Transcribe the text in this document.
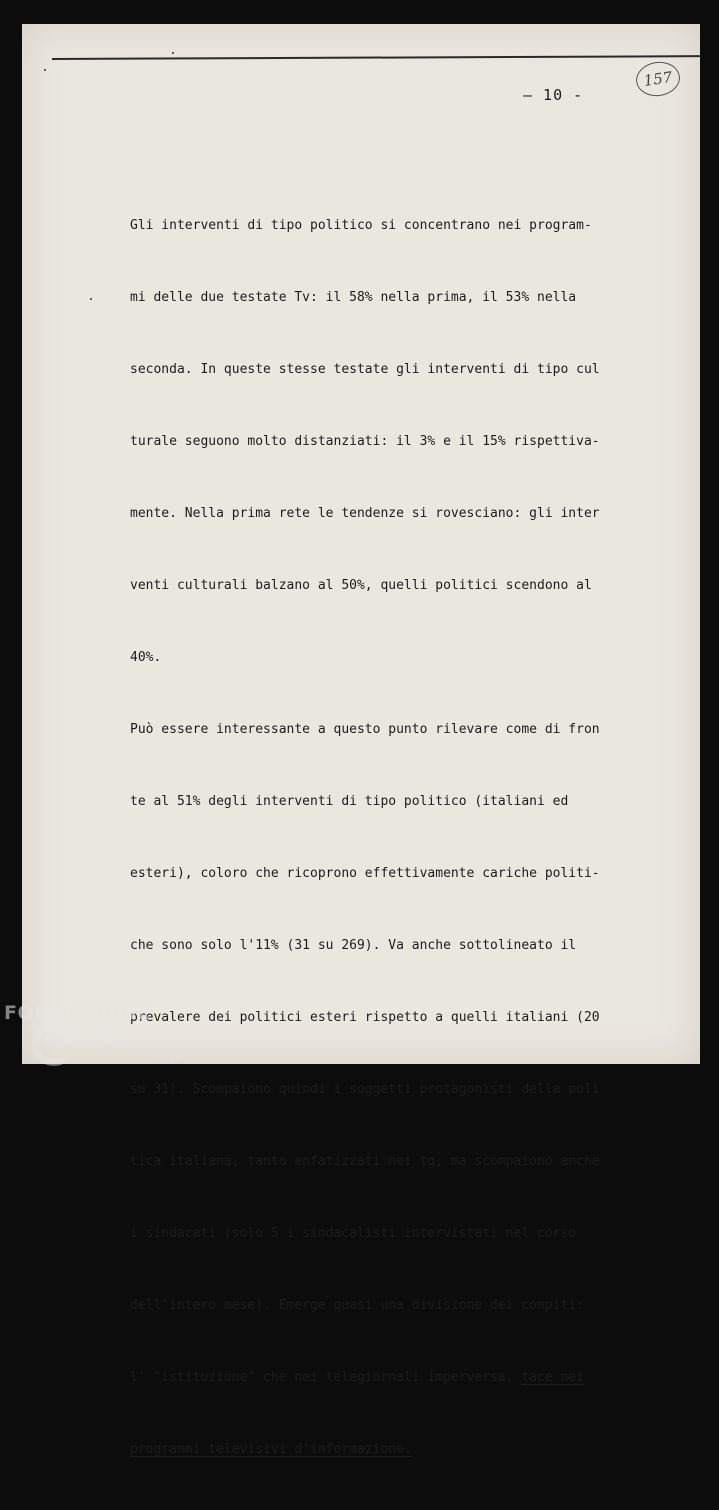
— 10 -
157

Gli interventi di tipo politico si concentrano nei program-

mi delle due testate Tv: il 58% nella prima, il 53% nella

seconda. In queste stesse testate gli interventi di tipo cul

turale seguono molto distanziati: il 3% e il 15% rispettiva-

mente. Nella prima rete le tendenze si rovesciano: gli inter

venti culturali balzano al 50%, quelli politici scendono al

40%.

Può essere interessante a questo punto rilevare come di fron

te al 51% degli interventi di tipo politico (italiani ed

esteri), coloro che ricoprono effettivamente cariche politi-

che sono solo l'11% (31 su 269). Va anche sottolineato il

prevalere dei politici esteri rispetto a quelli italiani (20

su 31). Scompaiono quindi i soggetti protagonisti della poli

tica italiana, tanto enfatizzati nei tg, ma scompaiono anche

i sindacati (solo 5 i sindacalisti intervistati nel corso

dell'intero mese). Emerge quasi una divisione dei compiti:

l' "istituzione" che nei telegiornali imperversa, tace nei

programmi televisivi d'informazione.

FONDAZIONE
RAMSCI
onlus
